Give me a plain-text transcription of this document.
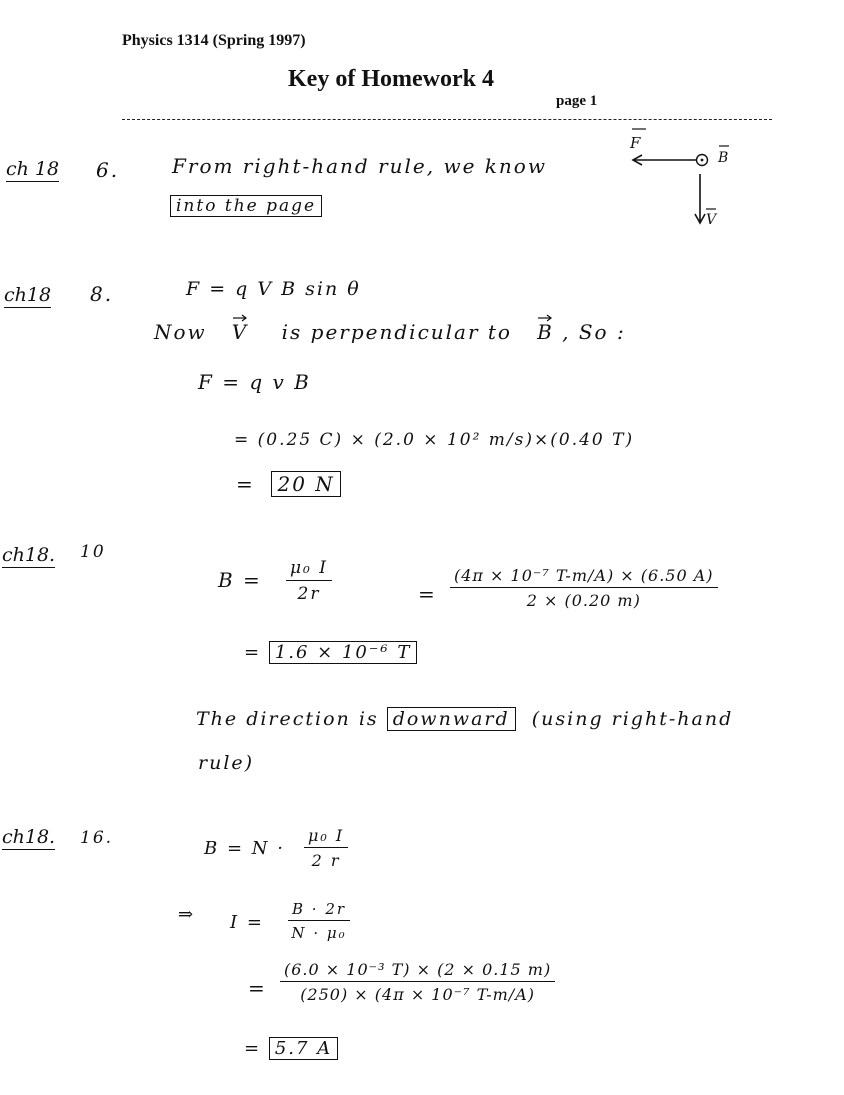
Physics 1314 (Spring 1997)
Key of Homework 4
page 1
ch 18 6.	From right-hand rule, we know
into the page
F
B
V
ch18 8.	F = q V B sin θ
Now V is perpendicular to B , So :
F = q v B
= (0.25 C) × (2.0 × 10² m/s)×(0.40 T)
= 20 N
ch18. 10
$B = \frac{\text{μ₀ I}}{2r}$	= $\frac{\text{(4π × 10⁻⁷ T-m/A) × (6.50 A)}}{2 \times (0.20 m)}$
= 1.6 × 10⁻⁶ T
The direction is downward (using right-hand
rule)
ch18. 16.	$B = N \cdot \frac{\text{μ₀ I}}{2 r}$
⇒ $I = \frac{B \cdot 2r}{\text{N · μ₀}}$
= $\frac{\text{(6.0 × 10⁻³ T) × (2 × 0.15 m)}}{\text{(250) × (4π × 10⁻⁷ T-m/A)}}$
= 5.7 A
